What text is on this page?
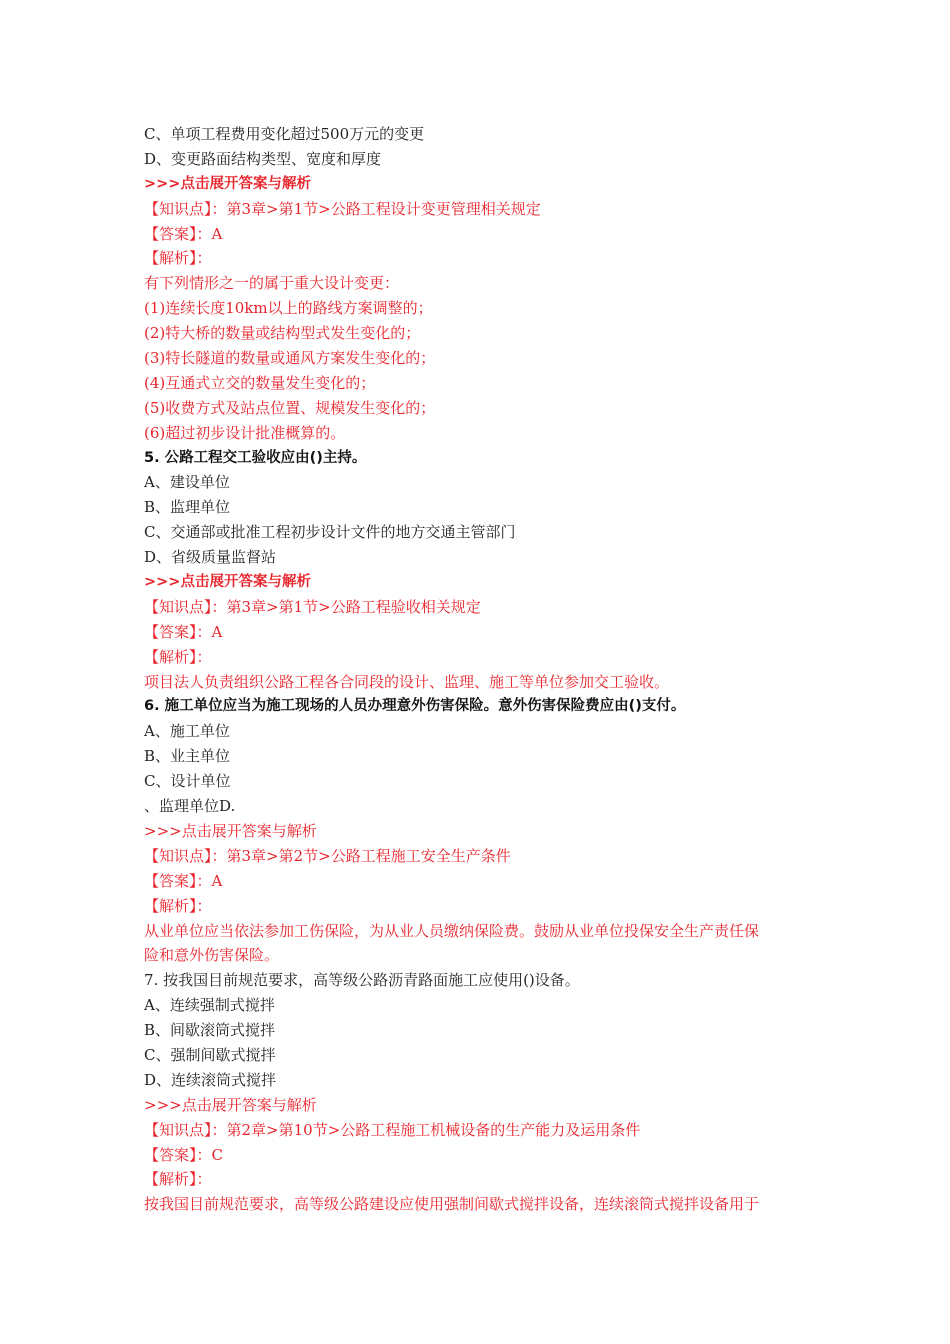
C、单项工程费用变化超过500万元的变更
D、变更路面结构类型、宽度和厚度
>>>点击展开答案与解析
【知识点】：第3章>第1节>公路工程设计变更管理相关规定
【答案】：A
【解析】：
有下列情形之一的属于重大设计变更：
(1)连续长度10km以上的路线方案调整的；
(2)特大桥的数量或结构型式发生变化的；
(3)特长隧道的数量或通风方案发生变化的；
(4)互通式立交的数量发生变化的；
(5)收费方式及站点位置、规模发生变化的；
(6)超过初步设计批准概算的。
5. 公路工程交工验收应由()主持。
A、建设单位
B、监理单位
C、交通部或批准工程初步设计文件的地方交通主管部门
D、省级质量监督站
>>>点击展开答案与解析
【知识点】：第3章>第1节>公路工程验收相关规定
【答案】：A
【解析】：
项目法人负责组织公路工程各合同段的设计、监理、施工等单位参加交工验收。
6. 施工单位应当为施工现场的人员办理意外伤害保险。意外伤害保险费应由()支付。
A、施工单位
B、业主单位
C、设计单位
、监理单位D.
>>>点击展开答案与解析
【知识点】：第3章>第2节>公路工程施工安全生产条件
【答案】：A
【解析】：
从业单位应当依法参加工伤保险，为从业人员缴纳保险费。鼓励从业单位投保安全生产责任保
险和意外伤害保险。
7. 按我国目前规范要求，高等级公路沥青路面施工应使用()设备。
A、连续强制式搅拌
B、间歇滚筒式搅拌
C、强制间歇式搅拌
D、连续滚筒式搅拌
>>>点击展开答案与解析
【知识点】：第2章>第10节>公路工程施工机械设备的生产能力及运用条件
【答案】：C
【解析】：
按我国目前规范要求，高等级公路建设应使用强制间歇式搅拌设备，连续滚筒式搅拌设备用于
